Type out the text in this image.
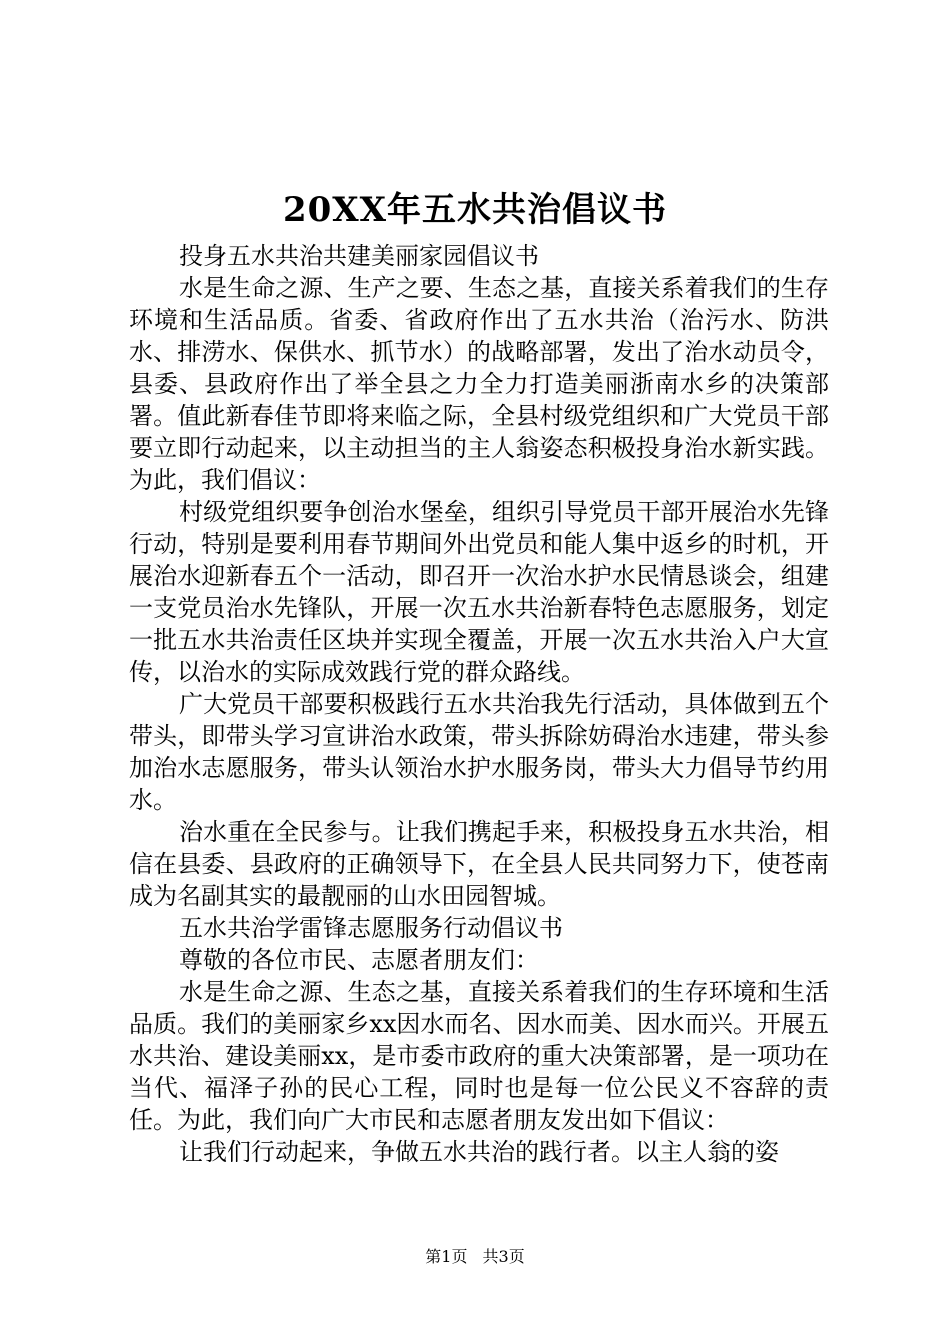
20XX年五水共治倡议书

投身五水共治共建美丽家园倡议书

水是生命之源、生产之要、生态之基，直接关系着我们的生存环境和生活品质。省委、省政府作出了五水共治（治污水、防洪水、排涝水、保供水、抓节水）的战略部署，发出了治水动员令，县委、县政府作出了举全县之力全力打造美丽浙南水乡的决策部署。值此新春佳节即将来临之际，全县村级党组织和广大党员干部要立即行动起来，以主动担当的主人翁姿态积极投身治水新实践。为此，我们倡议：

村级党组织要争创治水堡垒，组织引导党员干部开展治水先锋行动，特别是要利用春节期间外出党员和能人集中返乡的时机，开展治水迎新春五个一活动，即召开一次治水护水民情恳谈会，组建一支党员治水先锋队，开展一次五水共治新春特色志愿服务，划定一批五水共治责任区块并实现全覆盖，开展一次五水共治入户大宣传，以治水的实际成效践行党的群众路线。

广大党员干部要积极践行五水共治我先行活动，具体做到五个带头，即带头学习宣讲治水政策，带头拆除妨碍治水违建，带头参加治水志愿服务，带头认领治水护水服务岗，带头大力倡导节约用水。

治水重在全民参与。让我们携起手来，积极投身五水共治，相信在县委、县政府的正确领导下，在全县人民共同努力下，使苍南成为名副其实的最靓丽的山水田园智城。

五水共治学雷锋志愿服务行动倡议书

尊敬的各位市民、志愿者朋友们：

水是生命之源、生态之基，直接关系着我们的生存环境和生活品质。我们的美丽家乡xx因水而名、因水而美、因水而兴。开展五水共治、建设美丽xx，是市委市政府的重大决策部署，是一项功在当代、福泽子孙的民心工程，同时也是每一位公民义不容辞的责任。为此，我们向广大市民和志愿者朋友发出如下倡议：

让我们行动起来，争做五水共治的践行者。以主人翁的姿

第1页 共3页
